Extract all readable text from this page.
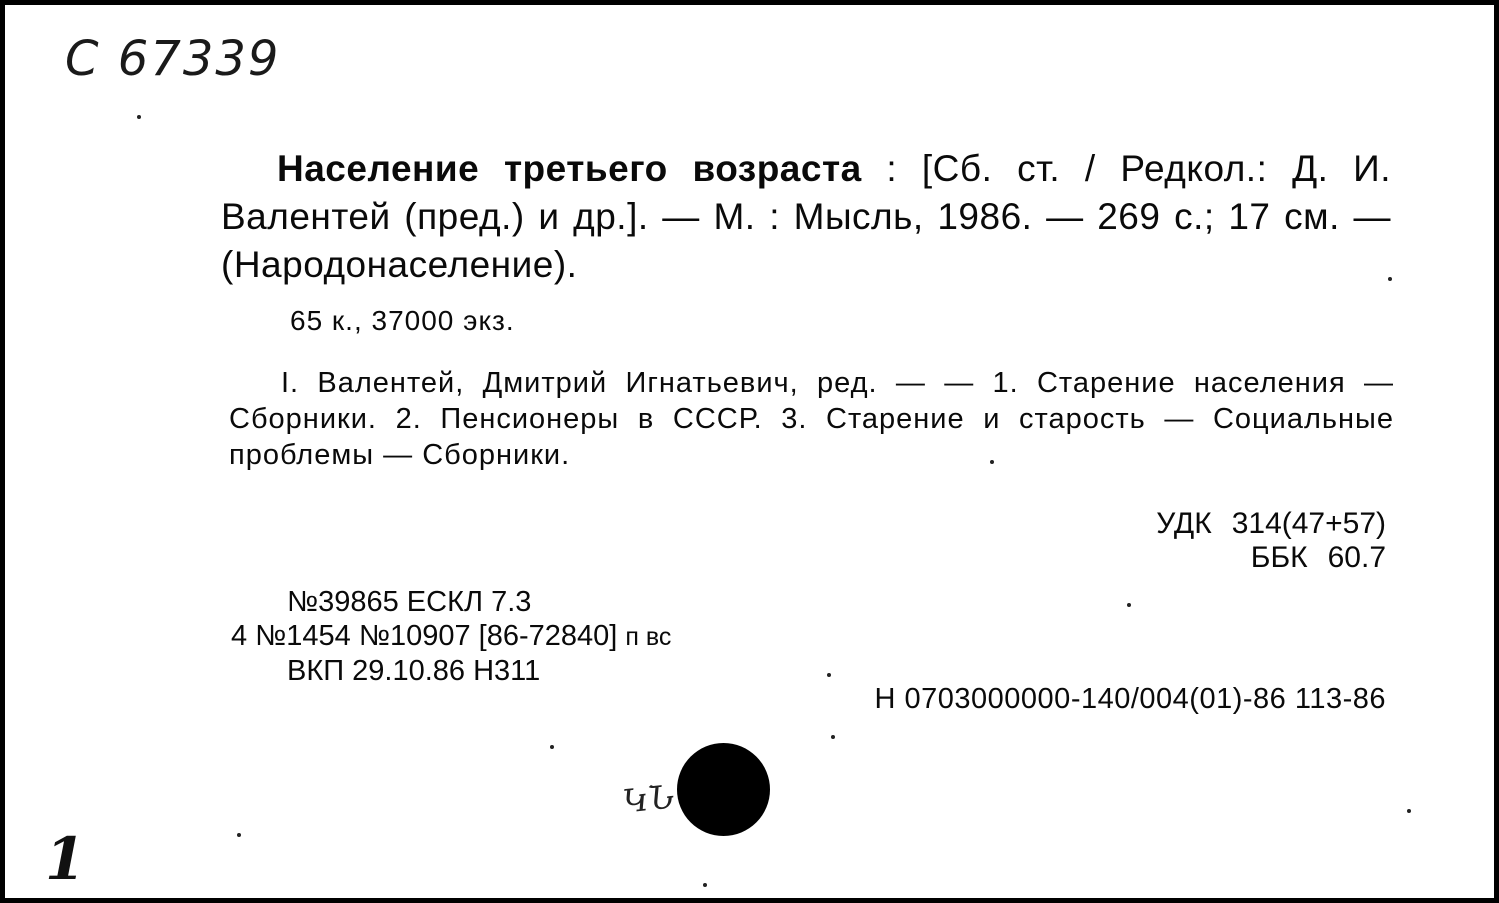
С 67339
Население третьего возраста : [Сб. ст. / Редкол.: Д. И. Валентей (пред.) и др.]. — М. : Мысль, 1986. — 269 с.; 17 см. — (Народонаселение).
65 к., 37000 экз.
I. Валентей, Дмитрий Игнатьевич, ред. — — 1. Старение населения — Сборники. 2. Пенсионеры в СССР. 3. Старение и старость — Социальные проблемы — Сборники.
УДК 314(47+57)
ББК 60.7
№39865 ЕСКЛ 7.3
4 №1454 №10907 [86-72840] п вс
ВКП 29.10.86 Н311
Н 0703000000-140/004(01)-86 113-86
ԿՆ
1
